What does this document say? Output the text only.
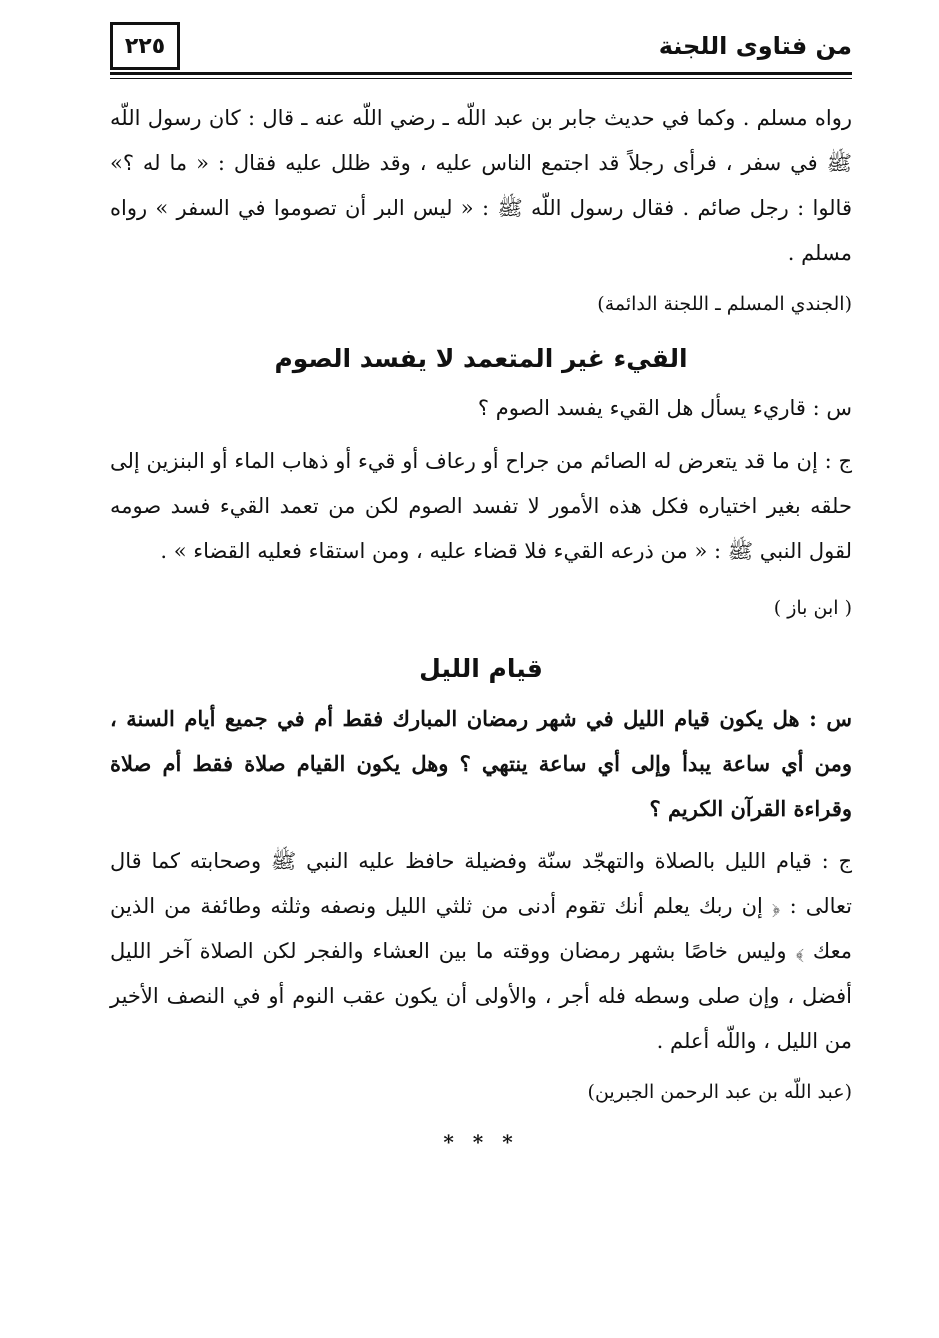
من فتاوى اللجنة
٢٢٥

رواه مسلم . وكما في حديث جابر بن عبد اللّه ـ رضي اللّه عنه ـ قال : كان رسول اللّه ﷺ في سفر ، فرأى رجلاً قد اجتمع الناس عليه ، وقد ظلل عليه فقال : « ما له ؟» قالوا : رجل صائم . فقال رسول اللّه ﷺ : « ليس البر أن تصوموا في السفر » رواه مسلم .

(الجندي المسلم ـ اللجنة الدائمة)

القيء غير المتعمد لا يفسد الصوم

س : قاريء يسأل هل القيء يفسد الصوم ؟

ج : إن ما قد يتعرض له الصائم من جراح أو رعاف أو قيء أو ذهاب الماء أو البنزين إلى حلقه بغير اختياره فكل هذه الأمور لا تفسد الصوم لكن من تعمد القيء فسد صومه لقول النبي ﷺ : « من ذرعه القيء فلا قضاء عليه ، ومن استقاء فعليه القضاء » .

( ابن باز )

قيام الليل

س : هل يكون قيام الليل في شهر رمضان المبارك فقط أم في جميع أيام السنة ، ومن أي ساعة يبدأ وإلى أي ساعة ينتهي ؟ وهل يكون القيام صلاة فقط أم صلاة وقراءة القرآن الكريم ؟

ج : قيام الليل بالصلاة والتهجّد سنّة وفضيلة حافظ عليه النبي ﷺ وصحابته كما قال تعالى : ﴿ إن ربك يعلم أنك تقوم أدنى من ثلثي الليل ونصفه وثلثه وطائفة من الذين معك ﴾ وليس خاصًا بشهر رمضان ووقته ما بين العشاء والفجر لكن الصلاة آخر الليل أفضل ، وإن صلى وسطه فله أجر ، والأولى أن يكون عقب النوم أو في النصف الأخير من الليل ، واللّه أعلم .

(عبد اللّه بن عبد الرحمن الجبرين)

* * *
